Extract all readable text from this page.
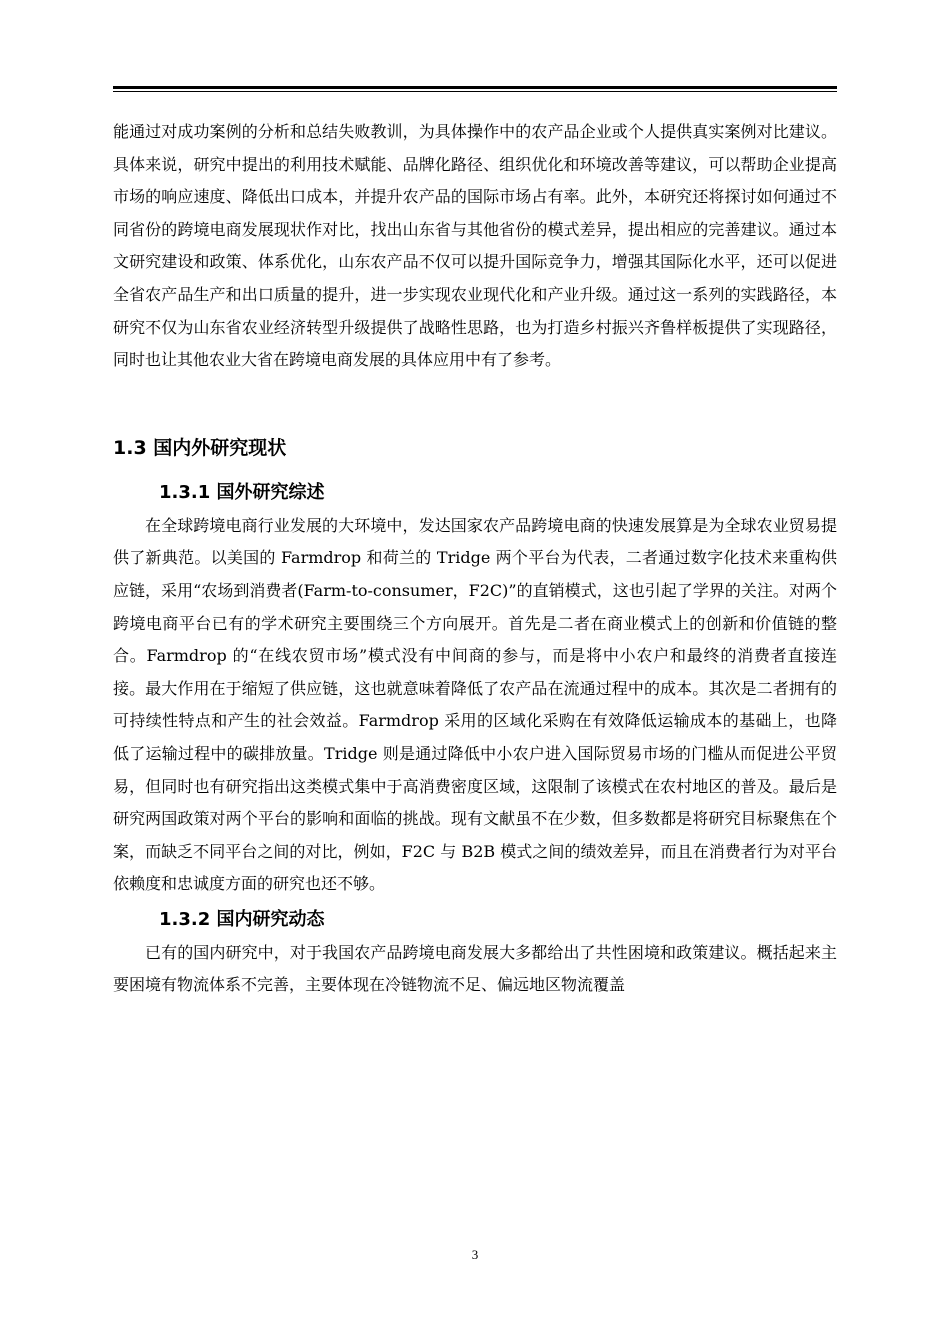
能通过对成功案例的分析和总结失败教训，为具体操作中的农产品企业或个人提供真实案例对比建议。具体来说，研究中提出的利用技术赋能、品牌化路径、组织优化和环境改善等建议，可以帮助企业提高市场的响应速度、降低出口成本，并提升农产品的国际市场占有率。此外，本研究还将探讨如何通过不同省份的跨境电商发展现状作对比，找出山东省与其他省份的模式差异，提出相应的完善建议。通过本文研究建设和政策、体系优化，山东农产品不仅可以提升国际竞争力，增强其国际化水平，还可以促进全省农产品生产和出口质量的提升，进一步实现农业现代化和产业升级。通过这一系列的实践路径，本研究不仅为山东省农业经济转型升级提供了战略性思路，也为打造乡村振兴齐鲁样板提供了实现路径，同时也让其他农业大省在跨境电商发展的具体应用中有了参考。

1.3 国内外研究现状
1.3.1 国外研究综述

在全球跨境电商行业发展的大环境中，发达国家农产品跨境电商的快速发展算是为全球农业贸易提供了新典范。以美国的 Farmdrop 和荷兰的 Tridge 两个平台为代表，二者通过数字化技术来重构供应链，采用“农场到消费者(Farm-to-consumer，F2C)”的直销模式，这也引起了学界的关注。对两个跨境电商平台已有的学术研究主要围绕三个方向展开。首先是二者在商业模式上的创新和价值链的整合。Farmdrop 的“在线农贸市场”模式没有中间商的参与，而是将中小农户和最终的消费者直接连接。最大作用在于缩短了供应链，这也就意味着降低了农产品在流通过程中的成本。其次是二者拥有的可持续性特点和产生的社会效益。Farmdrop 采用的区域化采购在有效降低运输成本的基础上，也降低了运输过程中的碳排放量。Tridge 则是通过降低中小农户进入国际贸易市场的门槛从而促进公平贸易，但同时也有研究指出这类模式集中于高消费密度区域，这限制了该模式在农村地区的普及。最后是研究两国政策对两个平台的影响和面临的挑战。现有文献虽不在少数，但多数都是将研究目标聚焦在个案，而缺乏不同平台之间的对比，例如，F2C 与 B2B 模式之间的绩效差异，而且在消费者行为对平台依赖度和忠诚度方面的研究也还不够。

1.3.2 国内研究动态

已有的国内研究中，对于我国农产品跨境电商发展大多都给出了共性困境和政策建议。概括起来主要困境有物流体系不完善，主要体现在冷链物流不足、偏远地区物流覆盖

3
